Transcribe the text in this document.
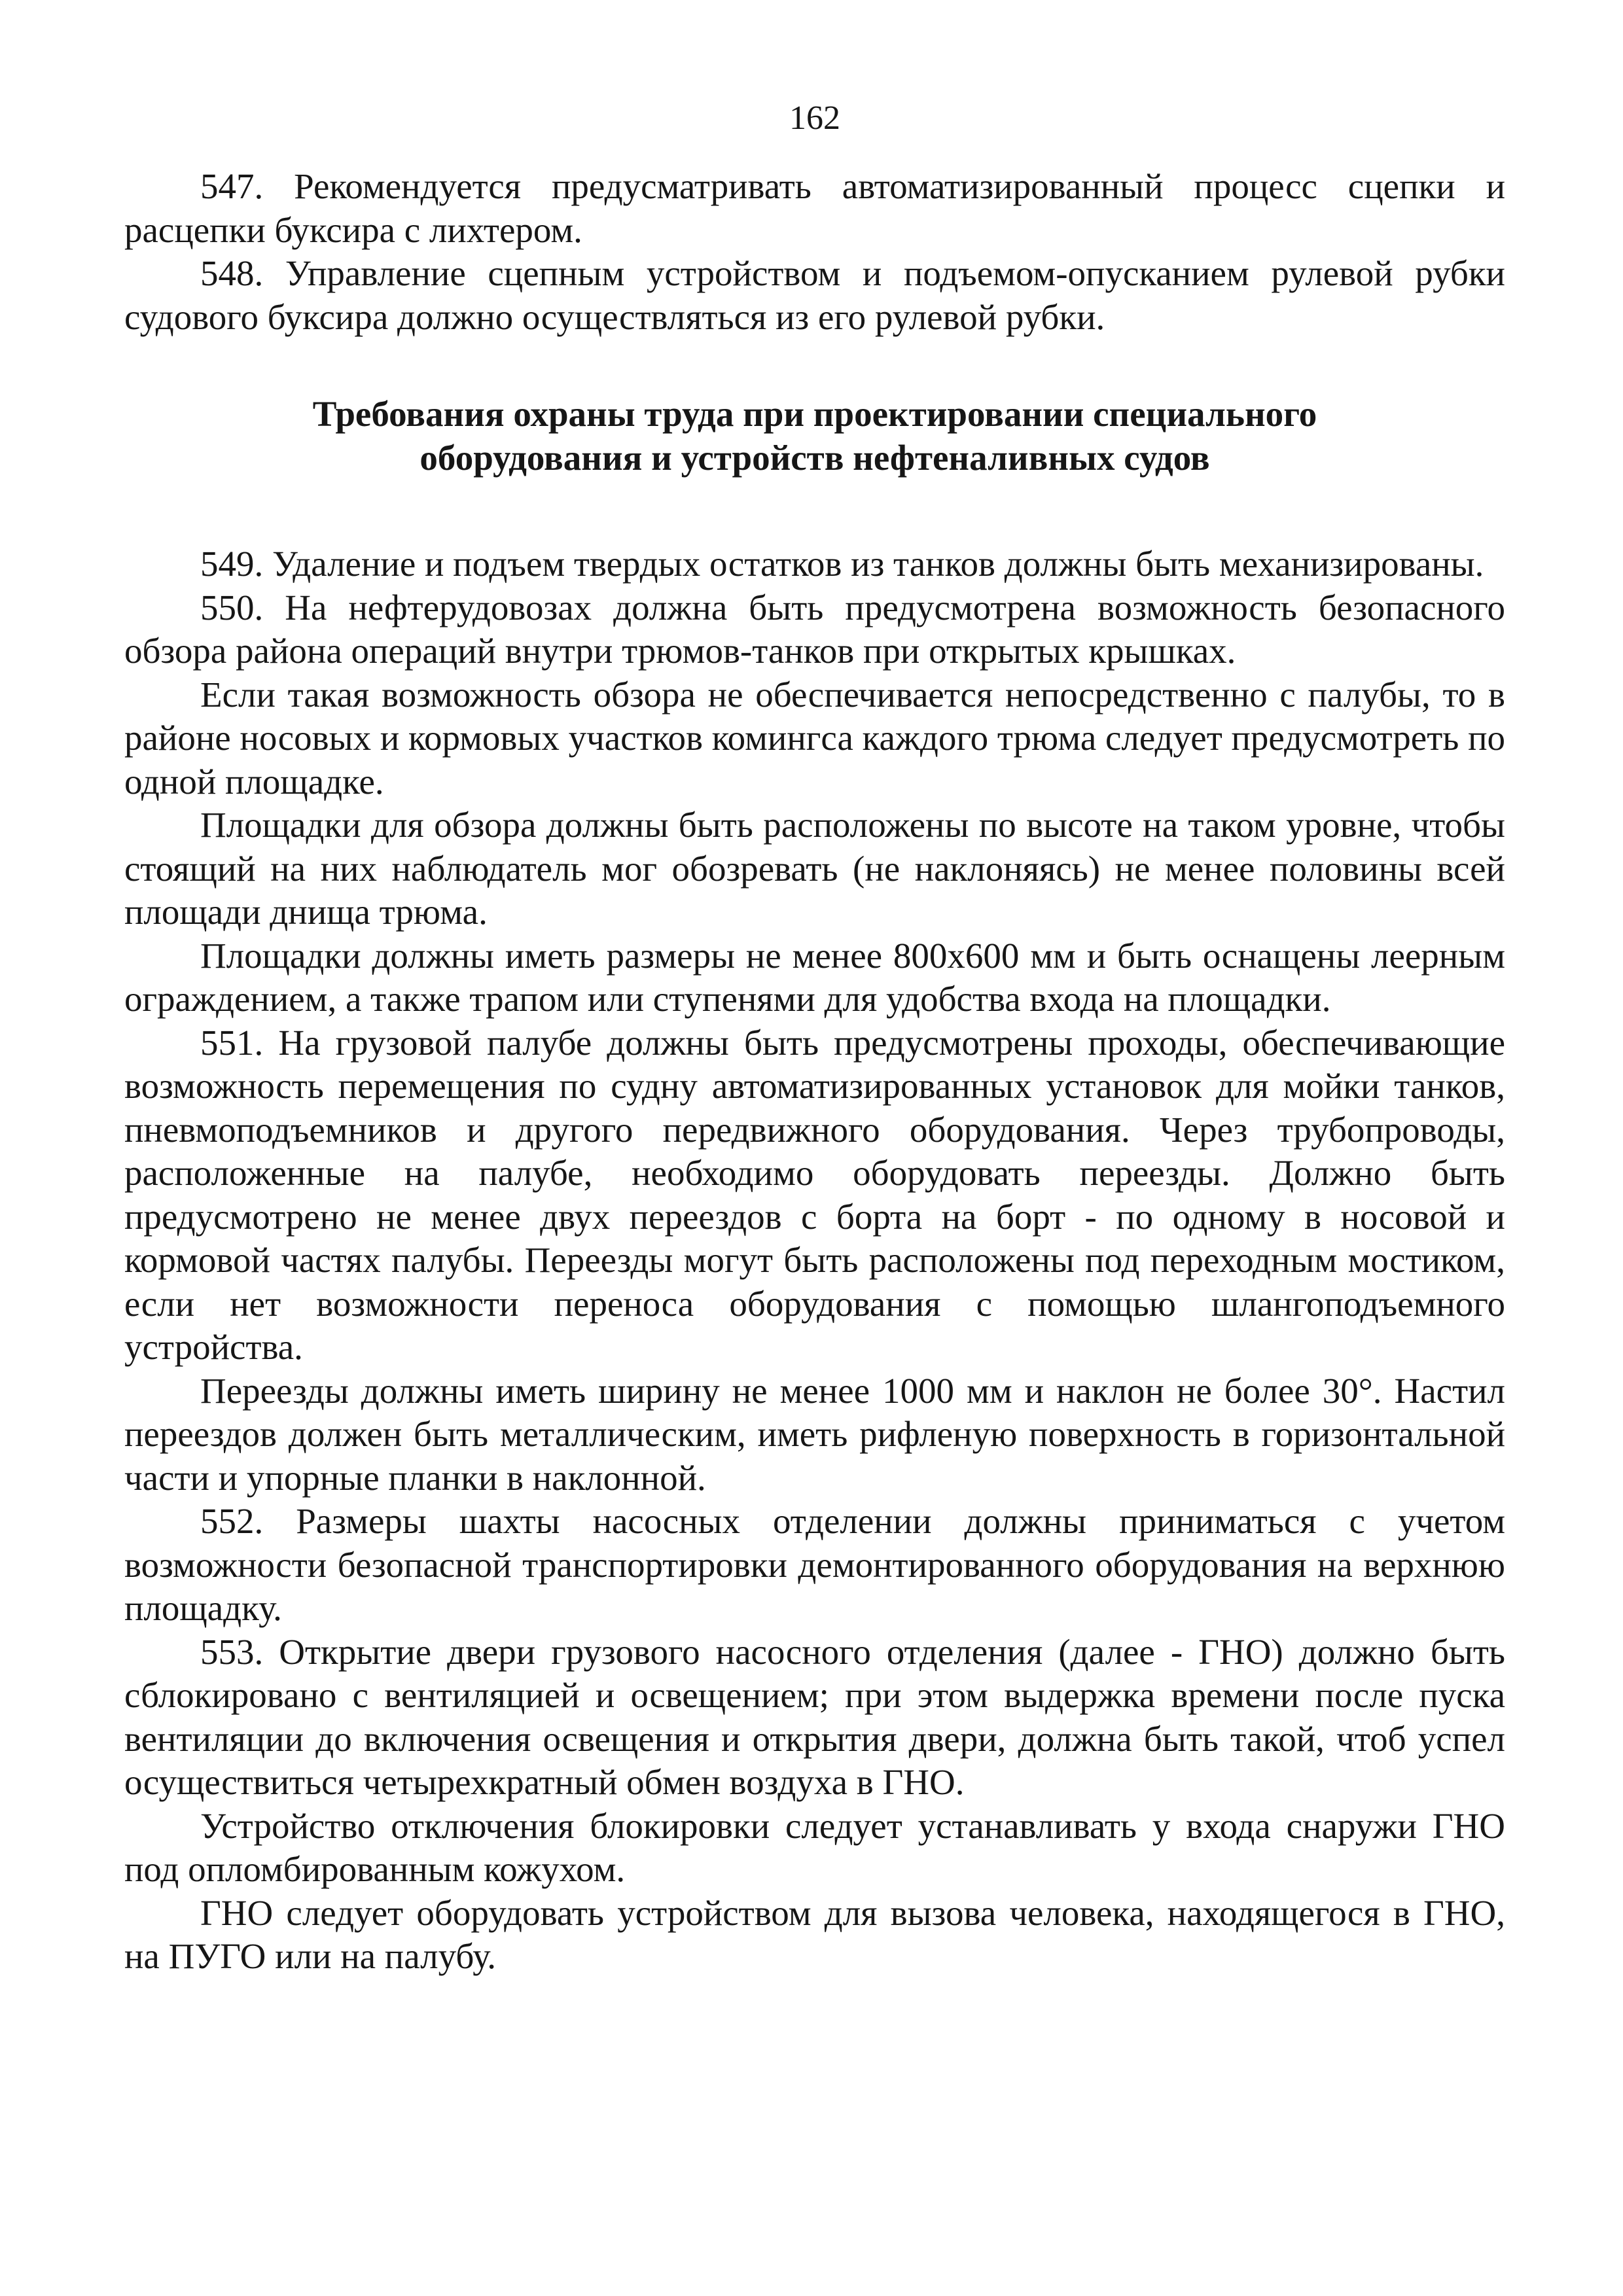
162

547. Рекомендуется предусматривать автоматизированный процесс сцепки и расцепки буксира с лихтером.

548. Управление сцепным устройством и подъемом-опусканием рулевой рубки судового буксира должно осуществляться из его рулевой рубки.

Требования охраны труда при проектировании специального
оборудования и устройств нефтеналивных судов

549. Удаление и подъем твердых остатков из танков должны быть механизированы.

550. На нефтерудовозах должна быть предусмотрена возможность безопасного обзора района операций внутри трюмов-танков при открытых крышках.

Если такая возможность обзора не обеспечивается непосредственно с палубы, то в районе носовых и кормовых участков комингса каждого трюма следует предусмотреть по одной площадке.

Площадки для обзора должны быть расположены по высоте на таком уровне, чтобы стоящий на них наблюдатель мог обозревать (не наклоняясь) не менее половины всей площади днища трюма.

Площадки должны иметь размеры не менее 800x600 мм и быть оснащены леерным ограждением, а также трапом или ступенями для удобства входа на площадки.

551. На грузовой палубе должны быть предусмотрены проходы, обеспечивающие возможность перемещения по судну автоматизированных установок для мойки танков, пневмоподъемников и другого передвижного оборудования. Через трубопроводы, расположенные на палубе, необходимо оборудовать переезды. Должно быть предусмотрено не менее двух переездов с борта на борт - по одному в носовой и кормовой частях палубы. Переезды могут быть расположены под переходным мостиком, если нет возможности переноса оборудования с помощью шлангоподъемного устройства.

Переезды должны иметь ширину не менее 1000 мм и наклон не более 30°. Настил переездов должен быть металлическим, иметь рифленую поверхность в горизонтальной части и упорные планки в наклонной.

552. Размеры шахты насосных отделении должны приниматься с учетом возможности безопасной транспортировки демонтированного оборудования на верхнюю площадку.

553. Открытие двери грузового насосного отделения (далее - ГНО) должно быть сблокировано с вентиляцией и освещением; при этом выдержка времени после пуска вентиляции до включения освещения и открытия двери, должна быть такой, чтоб успел осуществиться четырехкратный обмен воздуха в ГНО.

Устройство отключения блокировки следует устанавливать у входа снаружи ГНО под опломбированным кожухом.

ГНО следует оборудовать устройством для вызова человека, находящегося в ГНО, на ПУГО или на палубу.
